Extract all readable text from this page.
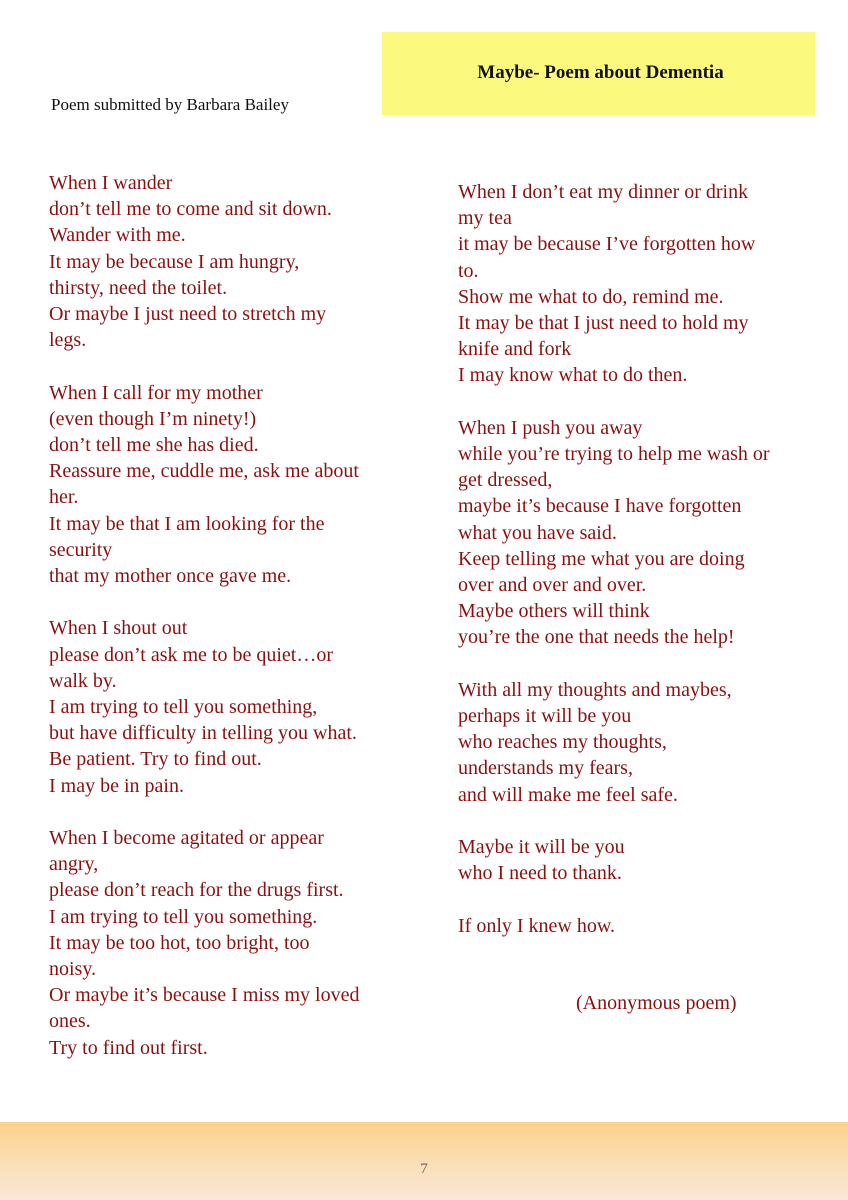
Maybe- Poem about Dementia
Poem submitted by Barbara Bailey
When I wander
don’t tell me to come and sit down.
Wander with me.
It may be because I am hungry,
thirsty, need the toilet.
Or maybe I just need to stretch my
legs.
When I call for my mother
(even though I’m ninety!)
don’t tell me she has died.
Reassure me, cuddle me, ask me about
her.
It may be that I am looking for the
security
that my mother once gave me.
When I shout out
please don’t ask me to be quiet…or
walk by.
I am trying to tell you something,
but have difficulty in telling you what.
Be patient. Try to find out.
I may be in pain.
When I become agitated or appear
angry,
please don’t reach for the drugs first.
I am trying to tell you something.
It may be too hot, too bright, too
noisy.
Or maybe it’s because I miss my loved
ones.
Try to find out first.
When I don’t eat my dinner or drink
my tea
it may be because I’ve forgotten how
to.
Show me what to do, remind me.
It may be that I just need to hold my
knife and fork
I may know what to do then.
When I push you away
while you’re trying to help me wash or
get dressed,
maybe it’s because I have forgotten
what you have said.
Keep telling me what you are doing
over and over and over.
Maybe others will think
you’re the one that needs the help!
With all my thoughts and maybes,
perhaps it will be you
who reaches my thoughts,
understands my fears,
and will make me feel safe.
Maybe it will be you
who I need to thank.
If only I knew how.
(Anonymous poem)
7
